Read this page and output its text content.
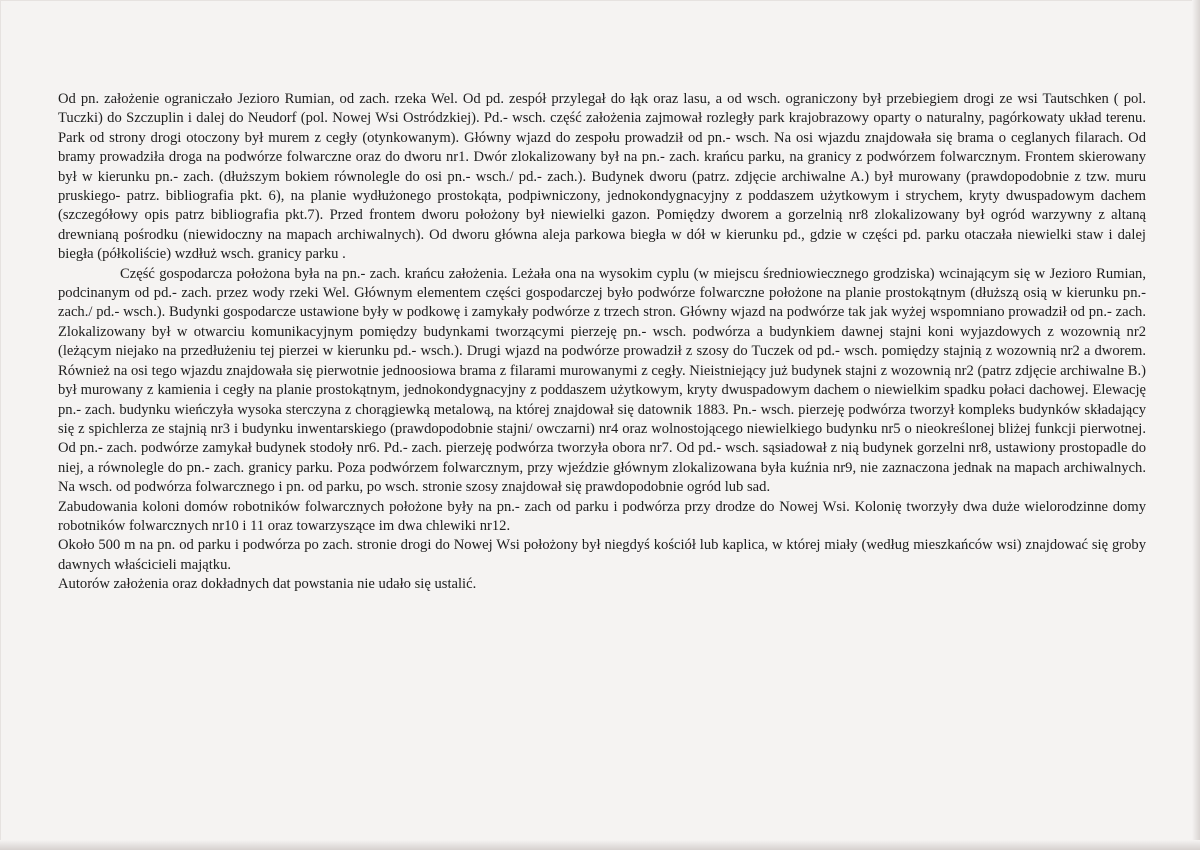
Od pn. założenie ograniczało Jezioro Rumian, od zach. rzeka Wel. Od pd. zespół przylegał do łąk oraz lasu, a od wsch. ograniczony był przebiegiem drogi ze wsi Tautschken ( pol. Tuczki) do Szczuplin i dalej do Neudorf (pol. Nowej Wsi Ostródzkiej). Pd.- wsch. część założenia zajmował rozległy park krajobrazowy oparty o naturalny, pagórkowaty układ terenu. Park od strony drogi otoczony był murem z cegły (otynkowanym). Główny wjazd do zespołu prowadził od pn.- wsch. Na osi wjazdu znajdowała się brama o ceglanych filarach. Od bramy prowadziła droga na podwórze folwarczne oraz do dworu nr1. Dwór zlokalizowany był na pn.- zach. krańcu parku, na granicy z podwórzem folwarcznym. Frontem skierowany był w kierunku pn.- zach. (dłuższym bokiem równolegle do osi pn.- wsch./ pd.- zach.). Budynek dworu (patrz. zdjęcie archiwalne A.) był murowany (prawdopodobnie z tzw. muru pruskiego- patrz. bibliografia pkt. 6), na planie wydłużonego prostokąta, podpiwniczony, jednokondygnacyjny z poddaszem użytkowym i strychem, kryty dwuspadowym dachem (szczegółowy opis patrz bibliografia pkt.7). Przed frontem dworu położony był niewielki gazon. Pomiędzy dworem a gorzelnią nr8 zlokalizowany był ogród warzywny z altaną drewnianą pośrodku (niewidoczny na mapach archiwalnych). Od dworu główna aleja parkowa biegła w dół w kierunku pd., gdzie w części pd. parku otaczała niewielki staw i dalej biegła (półkoliście) wzdłuż wsch. granicy parku .

Część gospodarcza położona była na pn.- zach. krańcu założenia. Leżała ona na wysokim cyplu (w miejscu średniowiecznego grodziska) wcinającym się w Jezioro Rumian, podcinanym od pd.- zach. przez wody rzeki Wel. Głównym elementem części gospodarczej było podwórze folwarczne położone na planie prostokątnym (dłuższą osią w kierunku pn.- zach./ pd.- wsch.). Budynki gospodarcze ustawione były w podkowę i zamykały podwórze z trzech stron. Główny wjazd na podwórze tak jak wyżej wspomniano prowadził od pn.- zach. Zlokalizowany był w otwarciu komunikacyjnym pomiędzy budynkami tworzącymi pierzeję pn.- wsch. podwórza a budynkiem dawnej stajni koni wyjazdowych z wozownią nr2 (leżącym niejako na przedłużeniu tej pierzei w kierunku pd.- wsch.). Drugi wjazd na podwórze prowadził z szosy do Tuczek od pd.- wsch. pomiędzy stajnią z wozownią nr2 a dworem. Również na osi tego wjazdu znajdowała się pierwotnie jednoosiowa brama z filarami murowanymi z cegły. Nieistniejący już budynek stajni z wozownią nr2 (patrz zdjęcie archiwalne B.) był murowany z kamienia i cegły na planie prostokątnym, jednokondygnacyjny z poddaszem użytkowym, kryty dwuspadowym dachem o niewielkim spadku połaci dachowej. Elewację pn.- zach. budynku wieńczyła wysoka sterczyna z chorągiewką metalową, na której znajdował się datownik 1883. Pn.- wsch. pierzeję podwórza tworzył kompleks budynków składający się z spichlerza ze stajnią nr3 i budynku inwentarskiego (prawdopodobnie stajni/ owczarni) nr4 oraz wolnostojącego niewielkiego budynku nr5 o nieokreślonej bliżej funkcji pierwotnej. Od pn.- zach. podwórze zamykał budynek stodoły nr6. Pd.- zach. pierzeję podwórza tworzyła obora nr7. Od pd.- wsch. sąsiadował z nią budynek gorzelni nr8, ustawiony prostopadle do niej, a równolegle do pn.- zach. granicy parku. Poza podwórzem folwarcznym, przy wjeździe głównym zlokalizowana była kuźnia nr9, nie zaznaczona jednak na mapach archiwalnych. Na wsch. od podwórza folwarcznego i pn. od parku, po wsch. stronie szosy znajdował się prawdopodobnie ogród lub sad.

Zabudowania koloni domów robotników folwarcznych położone były na pn.- zach od parku i podwórza przy drodze do Nowej Wsi. Kolonię tworzyły dwa duże wielorodzinne domy robotników folwarcznych nr10 i 11 oraz towarzyszące im dwa chlewiki nr12.

Około 500 m na pn. od parku i podwórza po zach. stronie drogi do Nowej Wsi położony był niegdyś kościół lub kaplica, w której miały (według mieszkańców wsi) znajdować się groby dawnych właścicieli majątku.

Autorów założenia oraz dokładnych dat powstania nie udało się ustalić.
